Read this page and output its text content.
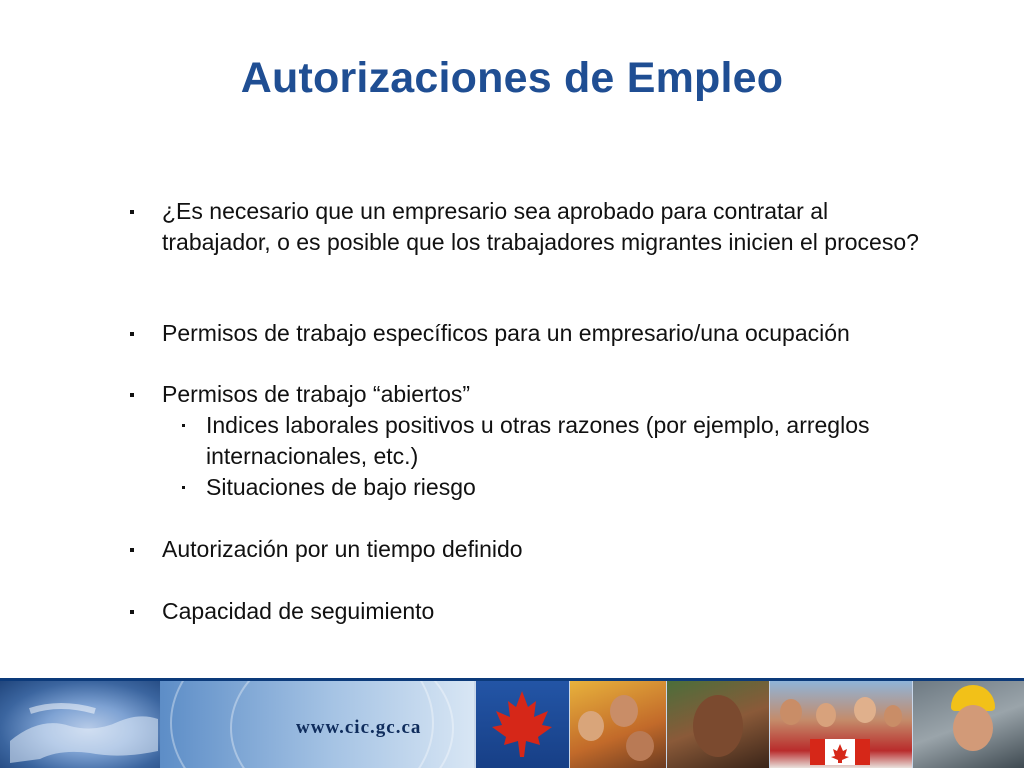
Autorizaciones de Empleo
¿Es necesario que un empresario sea aprobado para contratar al trabajador, o es posible que los trabajadores migrantes inicien el proceso?
Permisos de trabajo específicos para un empresario/una ocupación
Permisos de trabajo “abiertos”
Indices laborales positivos u otras razones (por ejemplo, arreglos internacionales, etc.)
Situaciones de bajo riesgo
Autorización por un tiempo definido
Capacidad de seguimiento
www.cic.gc.ca
